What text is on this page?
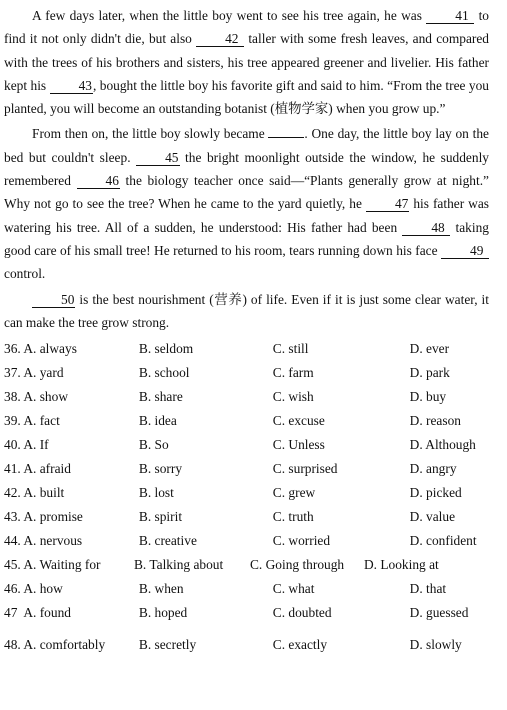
A few days later, when the little boy went to see his tree again, he was 41 to find it not only didn't die, but also 42 taller with some fresh leaves, and compared with the trees of his brothers and sisters, his tree appeared greener and livelier. His father kept his 43, bought the little boy his favorite gift and said to him. “From the tree you planted, you will become an outstanding botanist (植物学家) when you grow up.”

From then on, the little boy slowly became	. One day, the little boy lay on the bed but couldn't sleep. 45 the bright moonlight outside the window, he suddenly remembered 46 the biology teacher once said—“Plants generally grow at night.” Why not go to see the tree? When he came to the yard quietly, he 47 his father was watering his tree. All of a sudden, he understood: His father had been 48 taking good care of his small tree! He returned to his room, tears running down his face 49 control.

50 is the best nourishment (营养) of life. Even if it is just some clear water, it can make the tree grow strong.

36. A. always	B. seldom	C. still	D. ever
37. A. yard	B. school	C. farm	D. park
38. A. show	B. share	C. wish	D. buy
39. A. fact	B. idea	C. excuse	D. reason
40. A. If	B. So	C. Unless	D. Although
41. A. afraid	B. sorry	C. surprised	D. angry
42. A. built	B. lost	C. grew	D. picked
43. A. promise	B. spirit	C. truth	D. value
44. A. nervous	B. creative	C. worried	D. confident
45. A. Waiting for	B. Talking about	C. Going through	D. Looking at
46. A. how	B. when	C. what	D. that
47 A. found	B. hoped	C. doubted	D. guessed
48. A. comfortably	B. secretly	C. exactly	D. slowly
